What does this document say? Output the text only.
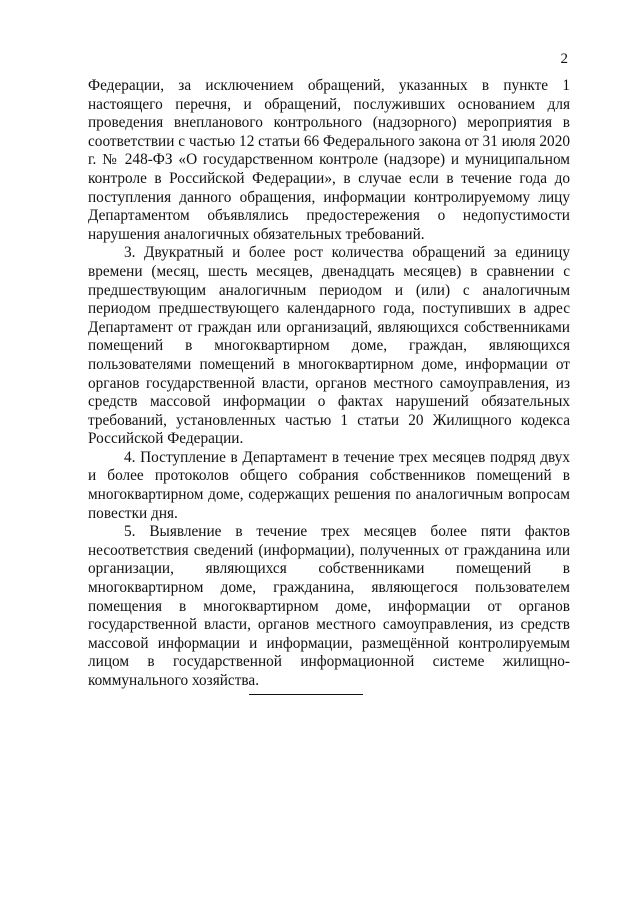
2

Федерации, за исключением обращений, указанных в пункте 1 настоящего перечня, и обращений, послуживших основанием для проведения внепланового контрольного (надзорного) мероприятия в соответствии с частью 12 статьи 66 Федерального закона от 31 июля 2020 г. № 248-ФЗ «О государственном контроле (надзоре) и муниципальном контроле в Российской Федерации», в случае если в течение года до поступления данного обращения, информации контролируемому лицу Департаментом объявлялись предостережения о недопустимости нарушения аналогичных обязательных требований.

3. Двукратный и более рост количества обращений за единицу времени (месяц, шесть месяцев, двенадцать месяцев) в сравнении с предшествующим аналогичным периодом и (или) с аналогичным периодом предшествующего календарного года, поступивших в адрес Департамент от граждан или организаций, являющихся собственниками помещений в многоквартирном доме, граждан, являющихся пользователями помещений в многоквартирном доме, информации от органов государственной власти, органов местного самоуправления, из средств массовой информации о фактах нарушений обязательных требований, установленных частью 1 статьи 20 Жилищного кодекса Российской Федерации.

4. Поступление в Департамент в течение трех месяцев подряд двух и более протоколов общего собрания собственников помещений в многоквартирном доме, содержащих решения по аналогичным вопросам повестки дня.

5. Выявление в течение трех месяцев более пяти фактов несоответствия сведений (информации), полученных от гражданина или организации, являющихся собственниками помещений в многоквартирном доме, гражданина, являющегося пользователем помещения в многоквартирном доме, информации от органов государственной власти, органов местного самоуправления, из средств массовой информации и информации, размещённой контролируемым лицом в государственной информационной системе жилищно-коммунального хозяйства.
